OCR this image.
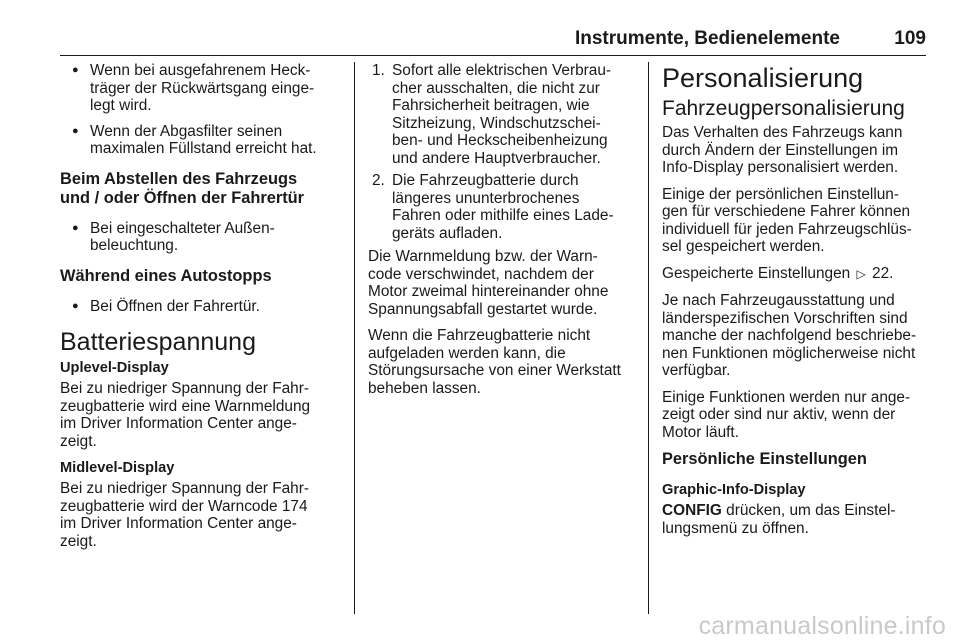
Instrumente, Bedienelemente	109
● Wenn bei ausgefahrenem Heck-
träger der Rückwärtsgang einge-
legt wird.
● Wenn der Abgasfilter seinen
maximalen Füllstand erreicht hat.
Beim Abstellen des Fahrzeugs
und / oder Öffnen der Fahrertür
● Bei eingeschalteter Außen-
beleuchtung.
Während eines Autostopps
● Bei Öffnen der Fahrertür.
Batteriespannung
Uplevel-Display

Bei zu niedriger Spannung der Fahr-
zeugbatterie wird eine Warnmeldung
im Driver Information Center ange-
zeigt.

Midlevel-Display

Bei zu niedriger Spannung der Fahr-
zeugbatterie wird der Warncode 174
im Driver Information Center ange-
zeigt.

1. Sofort alle elektrischen Verbrau-
cher ausschalten, die nicht zur
Fahrsicherheit beitragen, wie
Sitzheizung, Windschutzschei-
ben- und Heckscheibenheizung
und andere Hauptverbraucher.
2. Die Fahrzeugbatterie durch
längeres ununterbrochenes
Fahren oder mithilfe eines Lade-
geräts aufladen.

Die Warnmeldung bzw. der Warn-
code verschwindet, nachdem der
Motor zweimal hintereinander ohne
Spannungsabfall gestartet wurde.

Wenn die Fahrzeugbatterie nicht
aufgeladen werden kann, die
Störungsursache von einer Werkstatt
beheben lassen.

Personalisierung
Fahrzeugpersonalisierung

Das Verhalten des Fahrzeugs kann
durch Ändern der Einstellungen im
Info-Display personalisiert werden.

Einige der persönlichen Einstellun-
gen für verschiedene Fahrer können
individuell für jeden Fahrzeugschlüs-
sel gespeichert werden.

Gespeicherte Einstellungen ▷ 22.

Je nach Fahrzeugausstattung und
länderspezifischen Vorschriften sind
manche der nachfolgend beschriebe-
nen Funktionen möglicherweise nicht
verfügbar.

Einige Funktionen werden nur ange-
zeigt oder sind nur aktiv, wenn der
Motor läuft.

Persönliche Einstellungen
Graphic-Info-Display

CONFIG drücken, um das Einstel-
lungsmenü zu öffnen.

carmanualsonline.info
